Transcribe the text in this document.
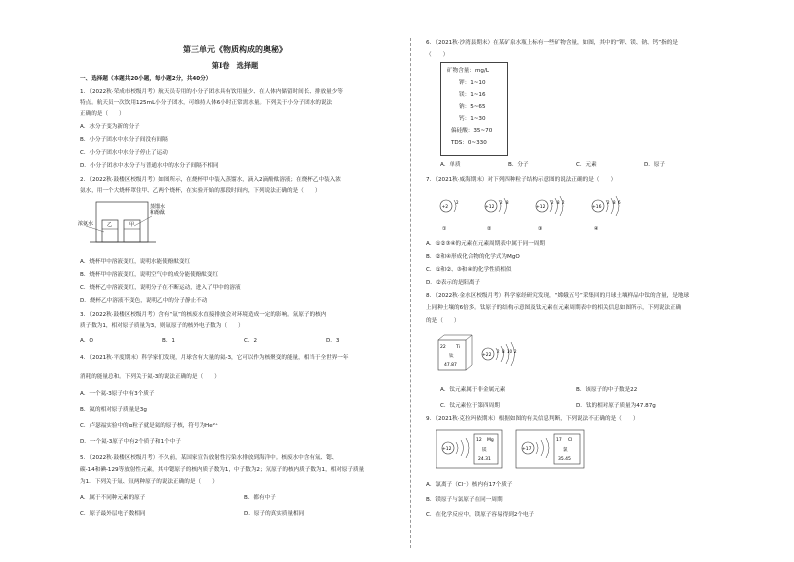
第三单元《物质构成的奥秘》
第Ⅰ卷　选择题
一、选择题（本题共20小题，每小题2分，共40分）
1．（2022秋·荣成市校级月考）航天员专用的小分子团水具有饮用量少、在人体内储留时间长、排放量少等
特点。航天员一次饮用125mL小分子团水，可维持人体6小时正常需水量。下列关于小分子团水的说法
正确的是（　　）
A．水分子变为新的分子
B．小分子团水中水分子间没有间隔
C．小分子团水中水分子停止了运动
D．小分子团水中水分子与普通水中的水分子间隔不相同
2．（2022秋·鼓楼区校级月考）如图所示，在烧杯甲中装入蒸馏水，滴入2滴酚酞溶液；在烧杯乙中装入浓
氨水，用一个大烧杯罩住甲、乙两个烧杯，在实验开始的那段时间内，下列说法正确的是（　　）
浓氨水	乙	甲
蒸馏水
和酚酞
A．烧杯甲中溶液变红，说明水能使酚酞变红
B．烧杯甲中溶液变红，说明空气中的成分能使酚酞变红
C．烧杯乙中溶液变红，说明分子在不断运动，进入了甲中的溶液
D．烧杯乙中溶液不变色，说明乙中的分子静止不动
3．（2022秋·鼓楼区校级月考）含有“氚”的核废水直接排放会对环境造成一定的影响。氚原子的核内
质子数为1，相对原子质量为3，则氚原子的核外电子数为（　　）
A．0	B．1	C．2	D．3
4．（2021秋·平度期末）科学家们发现，月球含有大量的氦-3，它可以作为核聚变的能量，相当于全世界一年
消耗的能量总和。下列关于氦-3的说法正确的是（　　）
A．一个氦-3原子中有3个质子
B．氦的相对原子质量是3g
C．卢瑟福实验中的α粒子就是氦的原子核，符号为He²⁺
D．一个氦-3原子中有2个质子和1个中子
5．（2022秋·鼓楼区校级月考）不久前，某国家宣告放射性污染水排放到海洋中。核废水中含有氚、锶、
碳-14和碘-129等放射性元素，其中锶原子的核内质子数为1，中子数为2；氘原子的核内质子数为1，相对原子质量
为1．下列关于氚、氘两种原子的说法正确的是（　　）
A．属于不同种元素的原子	B．都有中子
C．原子最外层电子数相同	D．原子的真实质量相同
6．（2021秋·沙湾县期末）在某矿泉水瓶上标有一些矿物含量，如图，其中的“钾、镁、钠、钙”指的是
（　　）
矿物含量：mg/L
钾：1~10
镁：1~16
钠：5~65
钙：1~30
偏硅酸：35~70
TDS：0~330
A．单质	B．分子	C．元素	D．原子
7．（2021秋·威海期末）对下列四种粒子结构示意图的说法正确的是（　　）
+2
2
①
+12
2 8
②
+12
2 8 2
③
+16
2 8 6
④
A．①②③④的元素在元素周期表中属于同一周期
B．②和④形成化合物的化学式为MgO
C．①和②、③和④的化学性质相似
D．②表示的是阳离子
8．（2022秋·金水区校级月考）科学家经研究发现，“嫦娥五号”采集回的月球土壤样品中钛的含量，是地球
上同种土壤的6倍多。钛原子的结构示意图及钛元素在元素周期表中的相关信息如图所示，下列说法正确
的是（　　）
22 Ti
钛
47.87
+22
2 8 10 2
A．钛元素属于非金属元素	B．该原子的中子数是22
C．钛元素位于第四周期	D．钛的相对原子质量为47.87g
9．（2021秋·克拉玛依期末）根据如图的有关信息判断，下列说法不正确的是（　　）
+12
12 Mg
镁
24.31
+17
17 Cl
氯
35.45
A．氯离子（Cl⁻）核内有17个质子
B．镁原子与氯原子在同一周期
C．在化学反应中，镁原子容易得到2个电子
